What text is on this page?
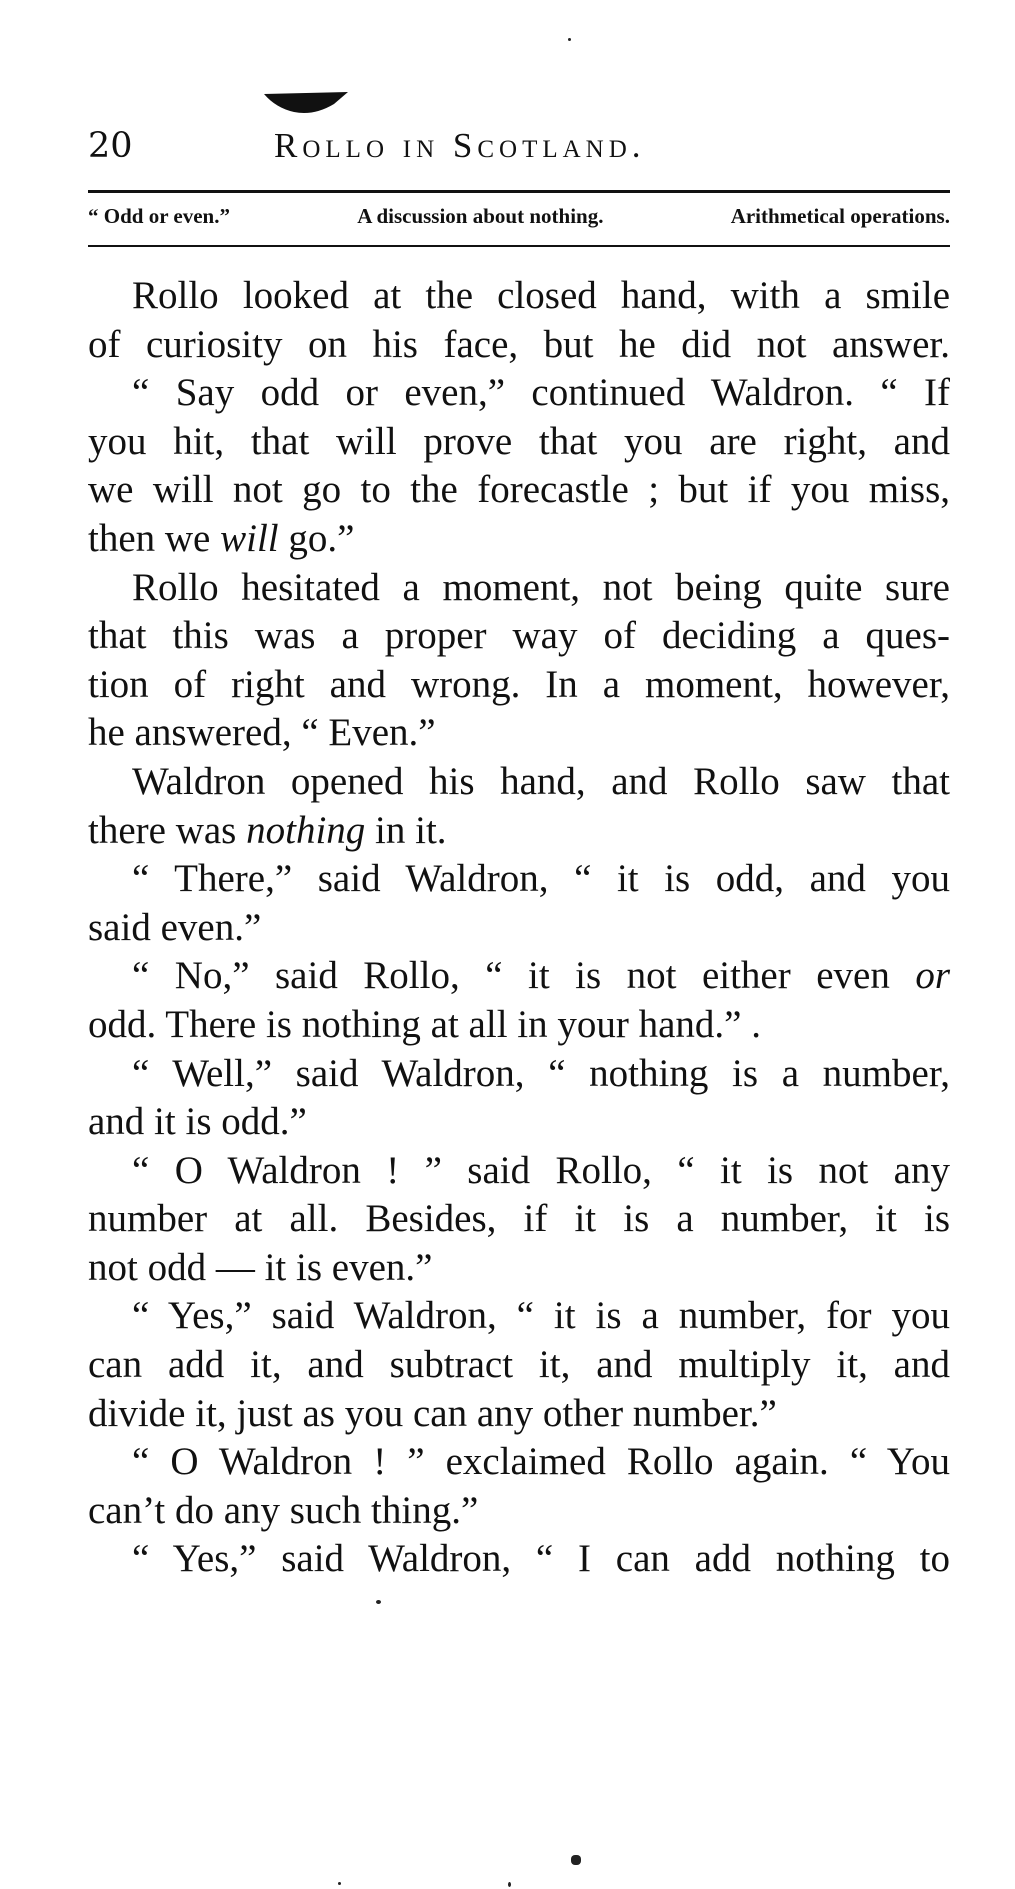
20	Rollo in Scotland.
“ Odd or even.”	A discussion about nothing.	Arithmetical operations.
Rollo looked at the closed hand, with a smile
of curiosity on his face, but he did not answer.
“ Say odd or even,” continued Waldron. “ If
you hit, that will prove that you are right, and
we will not go to the forecastle ; but if you miss,
then we will go.”
Rollo hesitated a moment, not being quite sure
that this was a proper way of deciding a ques-
tion of right and wrong. In a moment, however,
he answered, “ Even.”
Waldron opened his hand, and Rollo saw that
there was nothing in it.
“ There,” said Waldron, “ it is odd, and you
said even.”
“ No,” said Rollo, “ it is not either even or
odd. There is nothing at all in your hand.” .
“ Well,” said Waldron, “ nothing is a number,
and it is odd.”
“ O Waldron ! ” said Rollo, “ it is not any
number at all. Besides, if it is a number, it is
not odd — it is even.”
“ Yes,” said Waldron, “ it is a number, for you
can add it, and subtract it, and multiply it, and
divide it, just as you can any other number.”
“ O Waldron ! ” exclaimed Rollo again. “ You
can’t do any such thing.”
“ Yes,” said Waldron, “ I can add nothing to
